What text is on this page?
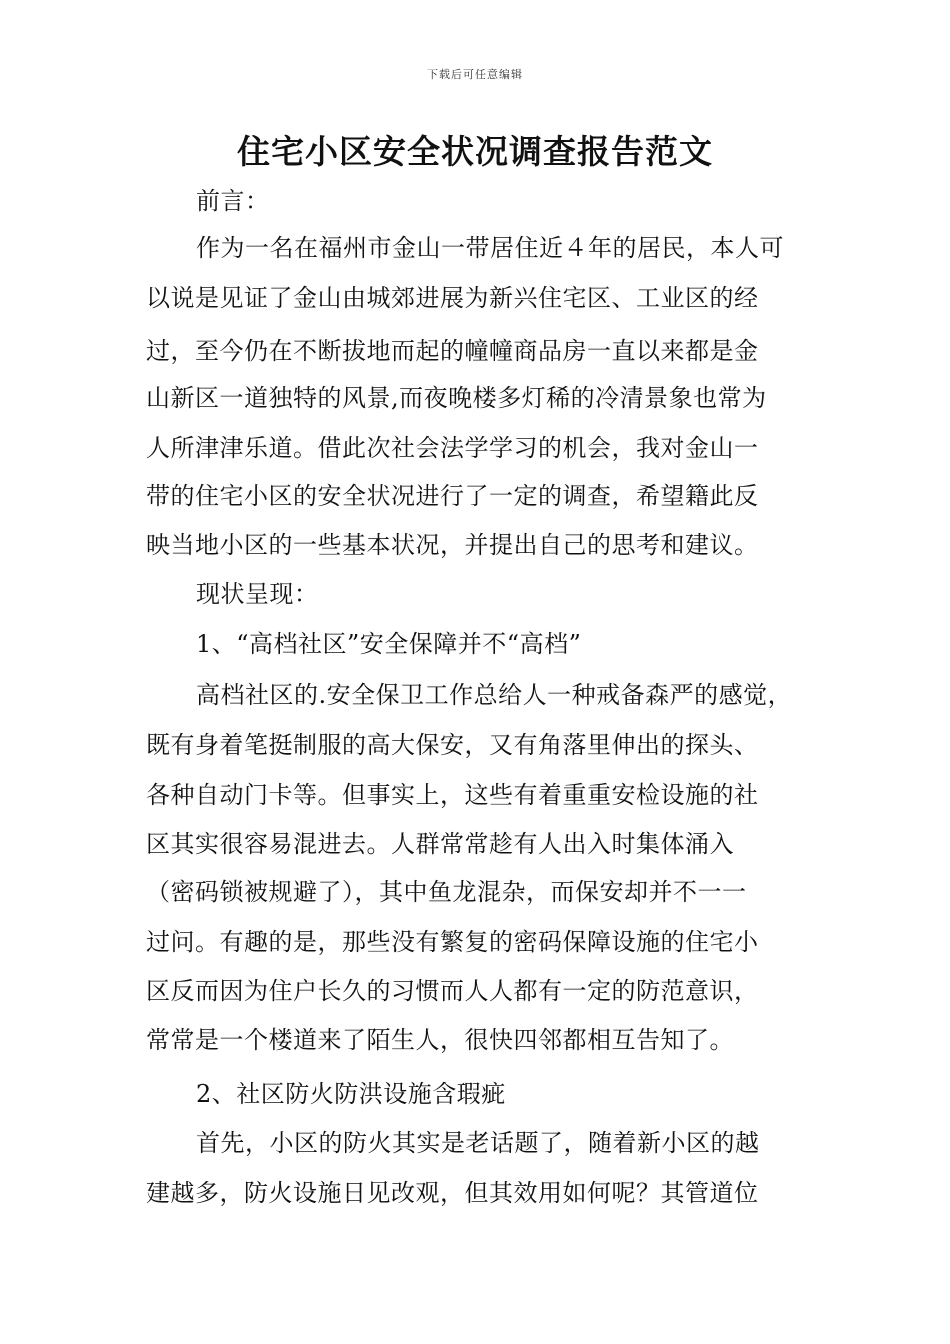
下载后可任意编辑
住宅小区安全状况调查报告范文
前言：
作为一名在福州市金山一带居住近４年的居民，本人可
以说是见证了金山由城郊进展为新兴住宅区、工业区的经
过，至今仍在不断拔地而起的幢幢商品房一直以来都是金
山新区一道独特的风景,而夜晚楼多灯稀的冷清景象也常为
人所津津乐道。借此次社会法学学习的机会，我对金山一
带的住宅小区的安全状况进行了一定的调查，希望籍此反
映当地小区的一些基本状况，并提出自己的思考和建议。
现状呈现：
1、“高档社区”安全保障并不“高档”
高档社区的.安全保卫工作总给人一种戒备森严的感觉，
既有身着笔挺制服的高大保安，又有角落里伸出的探头、
各种自动门卡等。但事实上，这些有着重重安检设施的社
区其实很容易混进去。人群常常趁有人出入时集体涌入
（密码锁被规避了），其中鱼龙混杂，而保安却并不一一
过问。有趣的是，那些没有繁复的密码保障设施的住宅小
区反而因为住户长久的习惯而人人都有一定的防范意识，
常常是一个楼道来了陌生人，很快四邻都相互告知了。
2、社区防火防洪设施含瑕疵
首先，小区的防火其实是老话题了，随着新小区的越
建越多，防火设施日见改观，但其效用如何呢？其管道位
